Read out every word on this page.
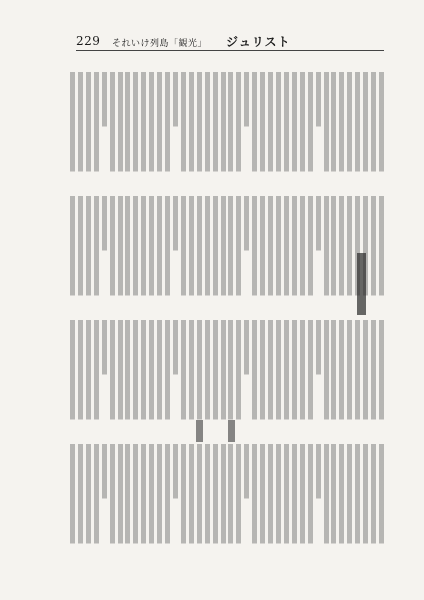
229 それいけ列島「観光」 ジュリスト
